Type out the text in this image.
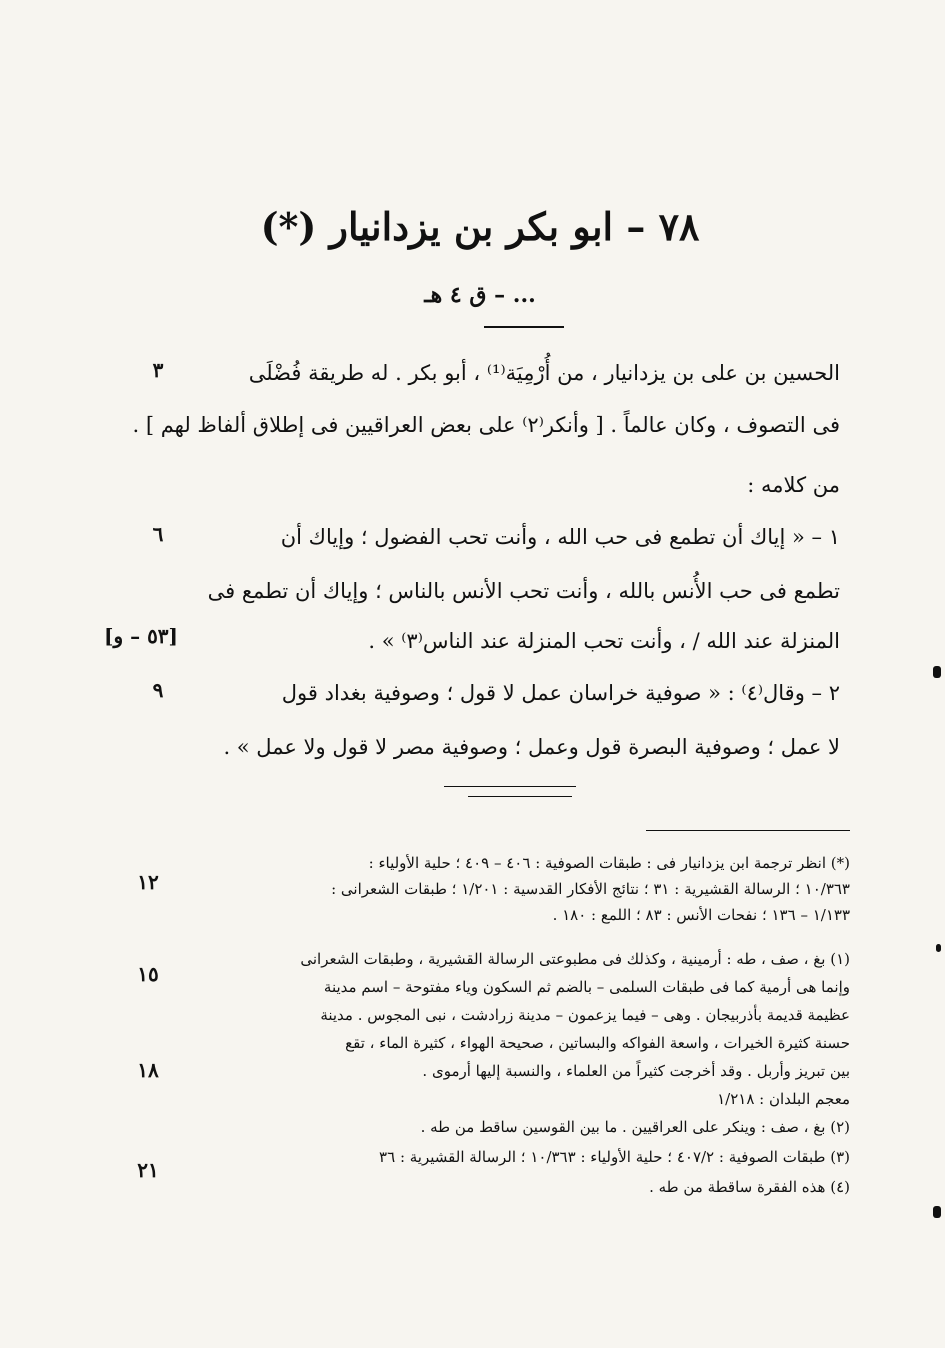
٧٨ – ابو بكر بن يزدانيار (*)
... – ق ٤ هـ
الحسين بن على بن يزدانيار ، من أُرْمِيَة⁽¹⁾ ، أبو بكر . له طريقة فُضْلَى
فى التصوف ، وكان عالماً . [ وأنكر⁽٢⁾ على بعض العراقيين فى إطلاق ألفاظ لهم ] .
من كلامه :
١ – « إياك أن تطمع فى حب الله ، وأنت تحب الفضول ؛ وإياك أن
تطمع فى حب الأُنس بالله ، وأنت تحب الأنس بالناس ؛ وإياك أن تطمع فى
المنزلة عند الله / ، وأنت تحب المنزلة عند الناس⁽٣⁾ » .
٢ – وقال⁽٤⁾ : « صوفية خراسان عمل لا قول ؛ وصوفية بغداد قول
لا عمل ؛ وصوفية البصرة قول وعمل ؛ وصوفية مصر لا قول ولا عمل » .
٣
٦
٩
١٢
١٥
١٨
٢١
[٥٣ – و]
(*) انظر ترجمة ابن يزدانيار فى : طبقات الصوفية : ٤٠٦ – ٤٠٩ ؛ حلية الأولياء :
١٠/٣٦٣ ؛ الرسالة القشيرية : ٣١ ؛ نتائج الأفكار القدسية : ١/٢٠١ ؛ طبقات الشعرانى :
١/١٣٣ – ١٣٦ ؛ نفحات الأنس : ٨٣ ؛ اللمع : ١٨٠ .
(١) بغ ، صف ، طه : أرمينية ، وكذلك فى مطبوعتى الرسالة القشيرية ، وطبقات الشعرانى
وإنما هى أرمية كما فى طبقات السلمى – بالضم ثم السكون وياء مفتوحة – اسم مدينة
عظيمة قديمة بأذربيجان . وهى – فيما يزعمون – مدينة زرادشت ، نبى المجوس . مدينة
حسنة كثيرة الخيرات ، واسعة الفواكه والبساتين ، صحيحة الهواء ، كثيرة الماء ، تقع
بين تبريز وأربل . وقد أخرجت كثيراً من العلماء ، والنسبة إليها أرموى .
معجم البلدان : ١/٢١٨
(٢) بغ ، صف : وينكر على العراقيين . ما بين القوسين ساقط من طه .
(٣) طبقات الصوفية : ٤٠٧/٢ ؛ حلية الأولياء : ١٠/٣٦٣ ؛ الرسالة القشيرية : ٣٦
(٤) هذه الفقرة ساقطة من طه .
